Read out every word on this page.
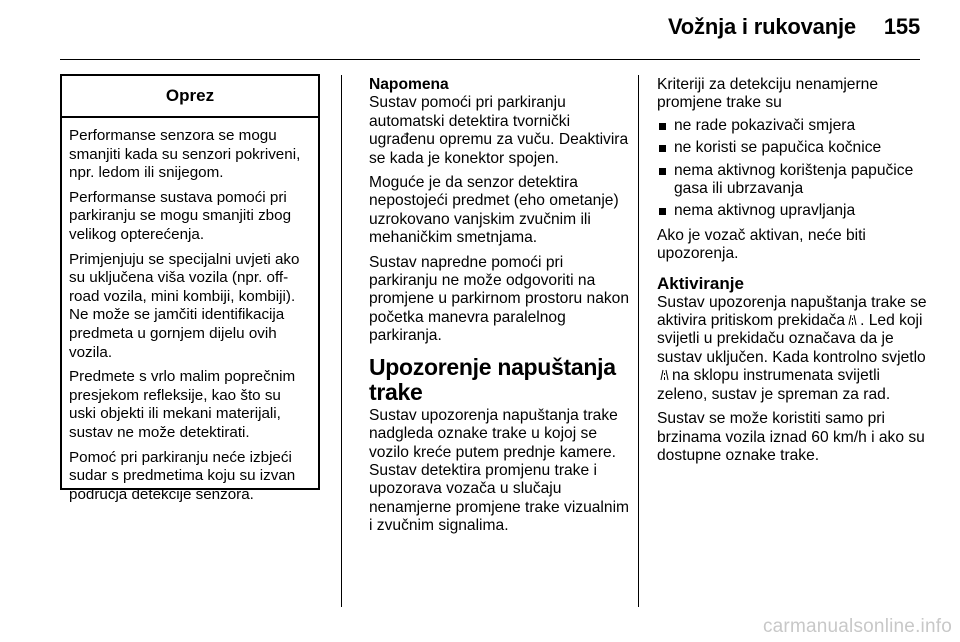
Vožnja i rukovanje 155
Oprez

Performanse senzora se mogu smanjiti kada su senzori pokriveni, npr. ledom ili snijegom.

Performanse sustava pomoći pri parkiranju se mogu smanjiti zbog velikog opterećenja.

Primjenjuju se specijalni uvjeti ako su uključena viša vozila (npr. off-road vozila, mini kombiji, kombiji). Ne može se jamčiti identifikacija predmeta u gornjem dijelu ovih vozila.

Predmete s vrlo malim poprečnim presjekom refleksije, kao što su uski objekti ili mekani materijali, sustav ne može detektirati.

Pomoć pri parkiranju neće izbjeći sudar s predmetima koju su izvan područja detekcije senzora.

Napomena

Sustav pomoći pri parkiranju automatski detektira tvornički ugrađenu opremu za vuču. Deaktivira se kada je konektor spojen.

Moguće je da senzor detektira nepostojeći predmet (eho ometanje) uzrokovano vanjskim zvučnim ili mehaničkim smetnjama.

Sustav napredne pomoći pri parkiranju ne može odgovoriti na promjene u parkirnom prostoru nakon početka manevra paralelnog parkiranja.

Upozorenje napuštanja trake

Sustav upozorenja napuštanja trake nadgleda oznake trake u kojoj se vozilo kreće putem prednje kamere. Sustav detektira promjenu trake i upozorava vozača u slučaju nenamjerne promjene trake vizualnim i zvučnim signalima.

Kriteriji za detekciju nenamjerne promjene trake su

ne rade pokazivači smjera
ne koristi se papučica kočnice
nema aktivnog korištenja papučice gasa ili ubrzavanja
nema aktivnog upravljanja

Ako je vozač aktivan, neće biti upozorenja.

Aktiviranje

Sustav upozorenja napuštanja trake se aktivira pritiskom prekidača . Led koji svijetli u prekidaču označava da je sustav uključen. Kada kontrolno svjetlona sklopu instrumenata svijetli zeleno, sustav je spreman za rad.

Sustav se može koristiti samo pri brzinama vozila iznad 60 km/h i ako su dostupne oznake trake.

carmanualsonline.info
